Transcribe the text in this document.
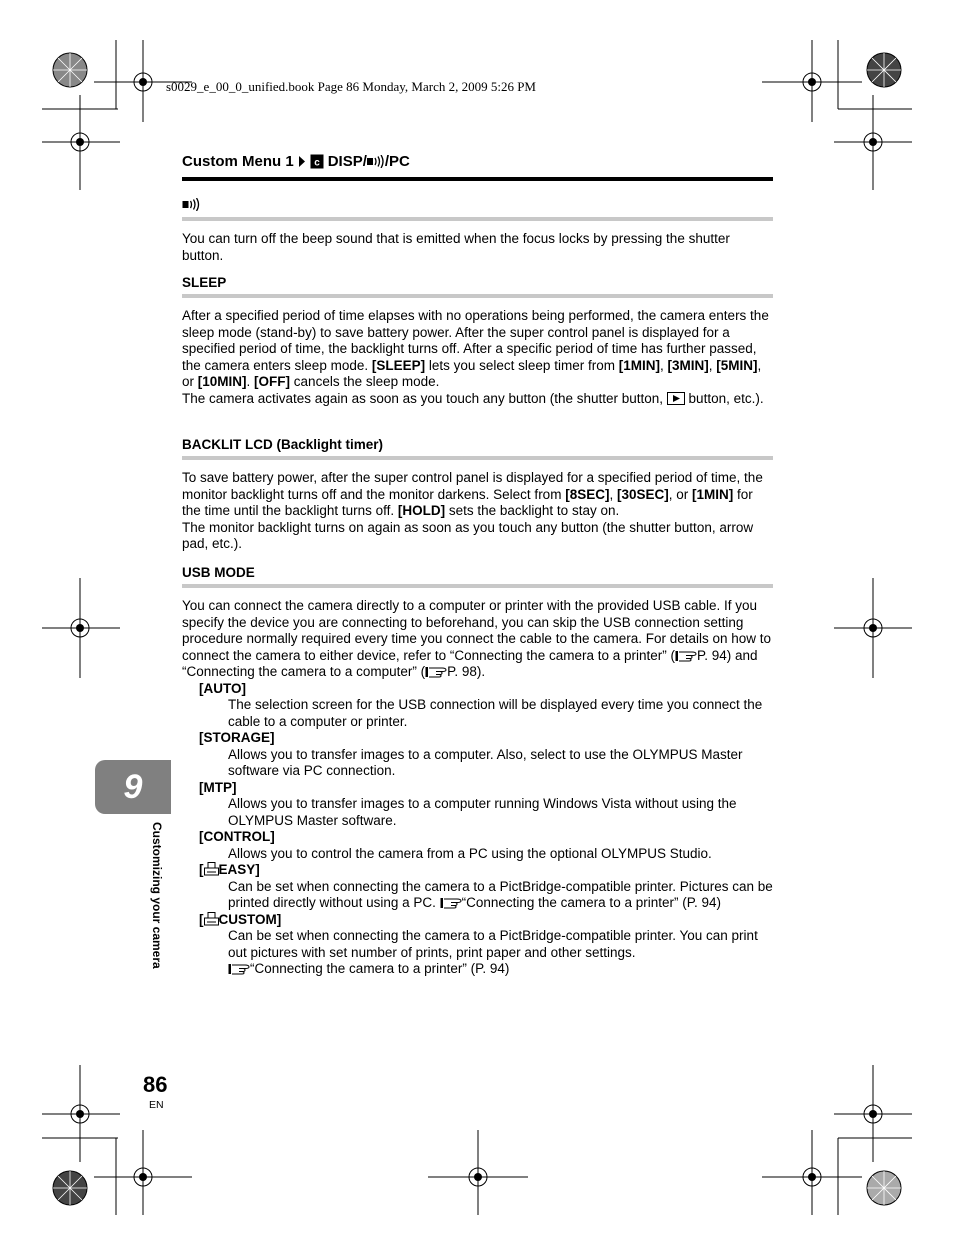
s0029_e_00_0_unified.book Page 86 Monday, March 2, 2009 5:26 PM
Custom Menu 1 c DISP/ /PC

You can turn off the beep sound that is emitted when the focus locks by pressing the shutter button.

SLEEP

After a specified period of time elapses with no operations being performed, the camera enters the sleep mode (stand-by) to save battery power. After the super control panel is displayed for a specified period of time, the backlight turns off. After a specific period of time has further passed, the camera enters sleep mode. [SLEEP] lets you select sleep timer from [1MIN], [3MIN], [5MIN], or [10MIN]. [OFF] cancels the sleep mode.

The camera activates again as soon as you touch any button (the shutter button,  button, etc.).

BACKLIT LCD (Backlight timer)

To save battery power, after the super control panel is displayed for a specified period of time, the monitor backlight turns off and the monitor darkens. Select from [8SEC], [30SEC], or [1MIN] for the time until the backlight turns off. [HOLD] sets the backlight to stay on.

The monitor backlight turns on again as soon as you touch any button (the shutter button, arrow pad, etc.).

USB MODE

You can connect the camera directly to a computer or printer with the provided USB cable. If you specify the device you are connecting to beforehand, you can skip the USB connection setting procedure normally required every time you connect the cable to the camera. For details on how to connect the camera to either device, refer to “Connecting the camera to a printer” ( P. 94) and “Connecting the camera to a computer” ( P. 98).

[AUTO]
The selection screen for the USB connection will be displayed every time you connect the cable to a computer or printer.
[STORAGE]
Allows you to transfer images to a computer. Also, select to use the OLYMPUS Master software via PC connection.
[MTP]
Allows you to transfer images to a computer running Windows Vista without using the OLYMPUS Master software.
[CONTROL]
Allows you to control the camera from a PC using the optional OLYMPUS Studio.
[ EASY]
Can be set when connecting the camera to a PictBridge-compatible printer. Pictures can be printed directly without using a PC. “Connecting the camera to a printer” (P. 94)
[ CUSTOM]
Can be set when connecting the camera to a PictBridge-compatible printer. You can print out pictures with set number of prints, print paper and other settings.
“Connecting the camera to a printer” (P. 94)
9
Customizing your camera
86
EN
